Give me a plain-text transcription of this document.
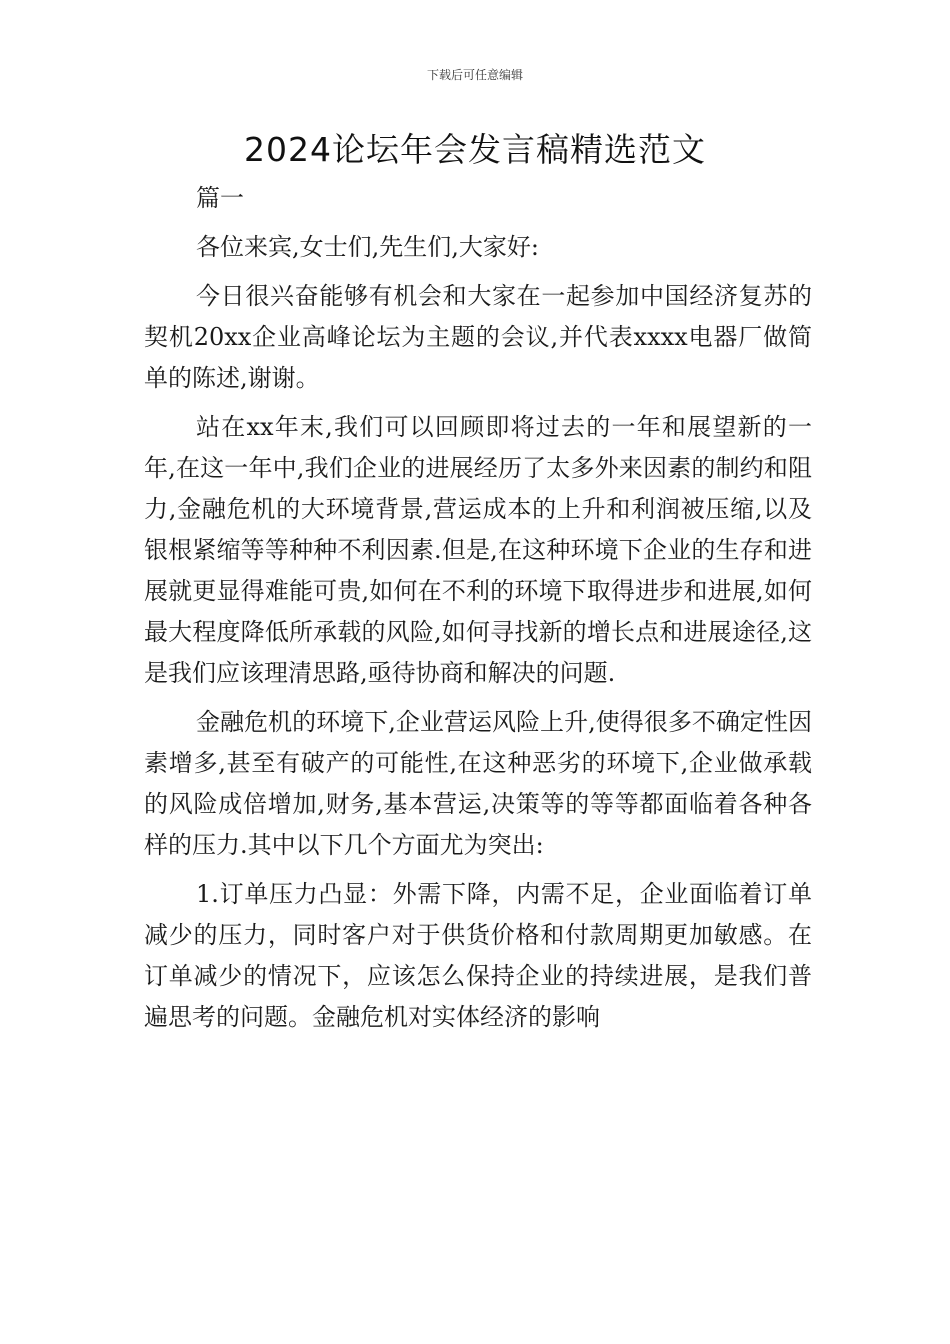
下载后可任意编辑
2024论坛年会发言稿精选范文

篇一

各位来宾,女士们,先生们,大家好:

今日很兴奋能够有机会和大家在一起参加中国经济复苏的契机20xx企业高峰论坛为主题的会议,并代表xxxx电器厂做简单的陈述,谢谢。

站在xx年末,我们可以回顾即将过去的一年和展望新的一年,在这一年中,我们企业的进展经历了太多外来因素的制约和阻力,金融危机的大环境背景,营运成本的上升和利润被压缩,以及银根紧缩等等种种不利因素.但是,在这种环境下企业的生存和进展就更显得难能可贵,如何在不利的环境下取得进步和进展,如何最大程度降低所承载的风险,如何寻找新的增长点和进展途径,这是我们应该理清思路,亟待协商和解决的问题.

金融危机的环境下,企业营运风险上升,使得很多不确定性因素增多,甚至有破产的可能性,在这种恶劣的环境下,企业做承载的风险成倍增加,财务,基本营运,决策等的等等都面临着各种各样的压力.其中以下几个方面尤为突出:

1.订单压力凸显：外需下降，内需不足，企业面临着订单减少的压力，同时客户对于供货价格和付款周期更加敏感。在订单减少的情况下，应该怎么保持企业的持续进展，是我们普遍思考的问题。金融危机对实体经济的影响
